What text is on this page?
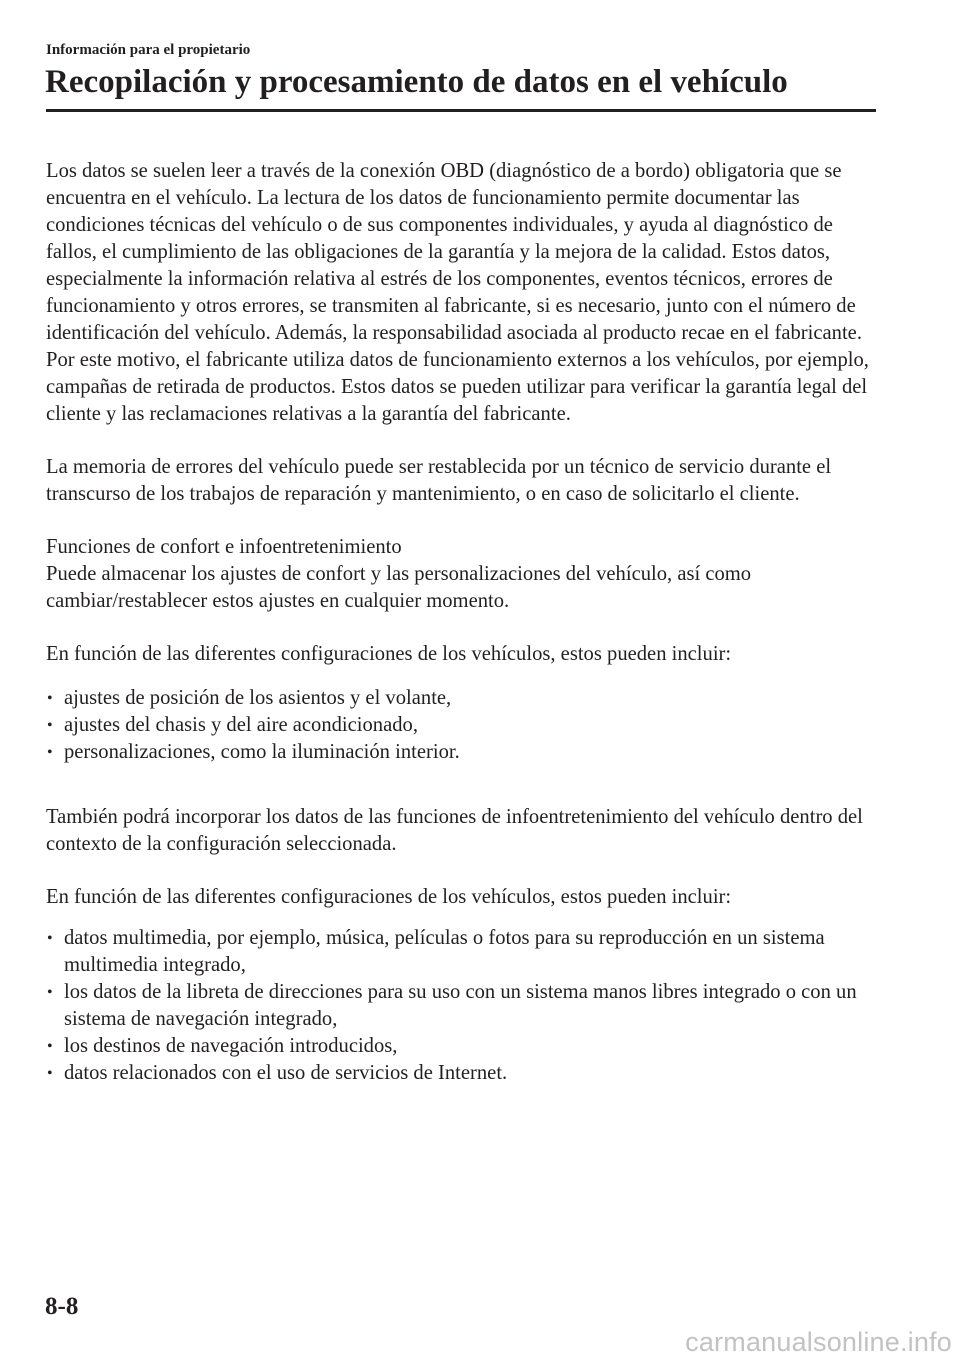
Información para el propietario
Recopilación y procesamiento de datos en el vehículo

Los datos se suelen leer a través de la conexión OBD (diagnóstico de a bordo) obligatoria que se encuentra en el vehículo. La lectura de los datos de funcionamiento permite documentar las condiciones técnicas del vehículo o de sus componentes individuales, y ayuda al diagnóstico de fallos, el cumplimiento de las obligaciones de la garantía y la mejora de la calidad. Estos datos, especialmente la información relativa al estrés de los componentes, eventos técnicos, errores de funcionamiento y otros errores, se transmiten al fabricante, si es necesario, junto con el número de identificación del vehículo. Además, la responsabilidad asociada al producto recae en el fabricante. Por este motivo, el fabricante utiliza datos de funcionamiento externos a los vehículos, por ejemplo, campañas de retirada de productos. Estos datos se pueden utilizar para verificar la garantía legal del cliente y las reclamaciones relativas a la garantía del fabricante.

La memoria de errores del vehículo puede ser restablecida por un técnico de servicio durante el transcurso de los trabajos de reparación y mantenimiento, o en caso de solicitarlo el cliente.

Funciones de confort e infoentretenimiento

Puede almacenar los ajustes de confort y las personalizaciones del vehículo, así como cambiar/restablecer estos ajustes en cualquier momento.

En función de las diferentes configuraciones de los vehículos, estos pueden incluir:

• ajustes de posición de los asientos y el volante,
• ajustes del chasis y del aire acondicionado,
• personalizaciones, como la iluminación interior.

También podrá incorporar los datos de las funciones de infoentretenimiento del vehículo dentro del contexto de la configuración seleccionada.

En función de las diferentes configuraciones de los vehículos, estos pueden incluir:

• datos multimedia, por ejemplo, música, películas o fotos para su reproducción en un sistema multimedia integrado,
• los datos de la libreta de direcciones para su uso con un sistema manos libres integrado o con un sistema de navegación integrado,
• los destinos de navegación introducidos,
• datos relacionados con el uso de servicios de Internet.
8-8
carmanualsonline.info
